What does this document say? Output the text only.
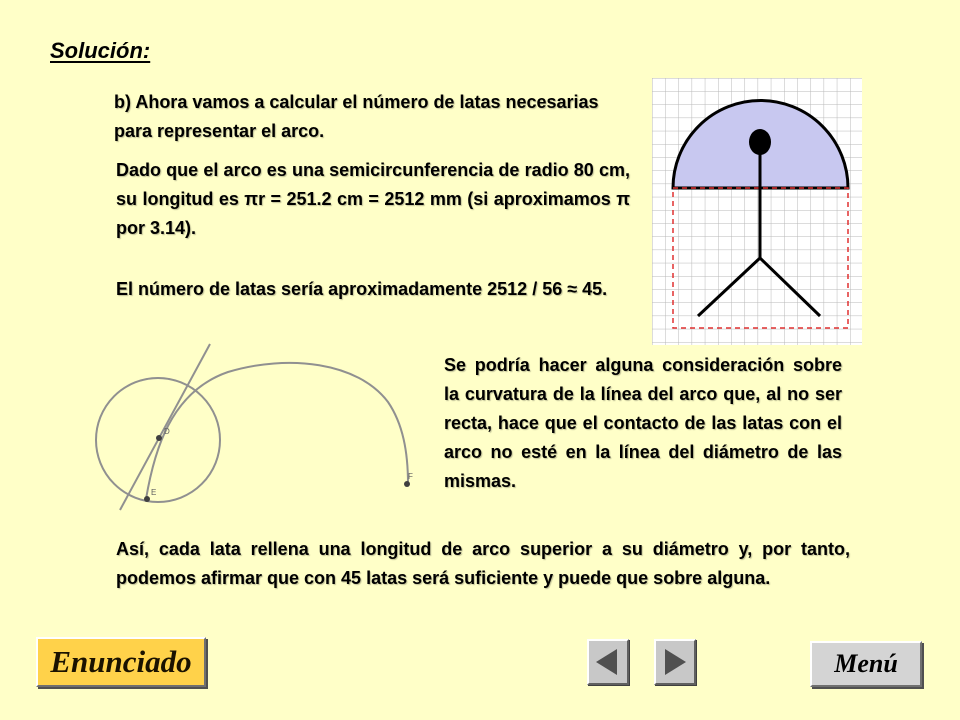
Solución:
b) Ahora vamos a calcular el número de latas necesarias para representar el arco.
Dado que el arco es una semicircunferencia de radio 80 cm, su longitud es πr = 251.2 cm = 2512 mm (si aproximamos π por 3.14).
El número de latas sería aproximadamente 2512 / 56 ≈ 45.
D
E
F
Se podría hacer alguna consideración sobre la curvatura de la línea del arco que, al no ser recta, hace que el contacto de las latas con el arco no esté en la línea del diámetro de las mismas.
Así, cada lata rellena una longitud de arco superior a su diámetro y, por tanto, podemos afirmar que con 45 latas será suficiente y puede que sobre alguna.
Enunciado	Menú
